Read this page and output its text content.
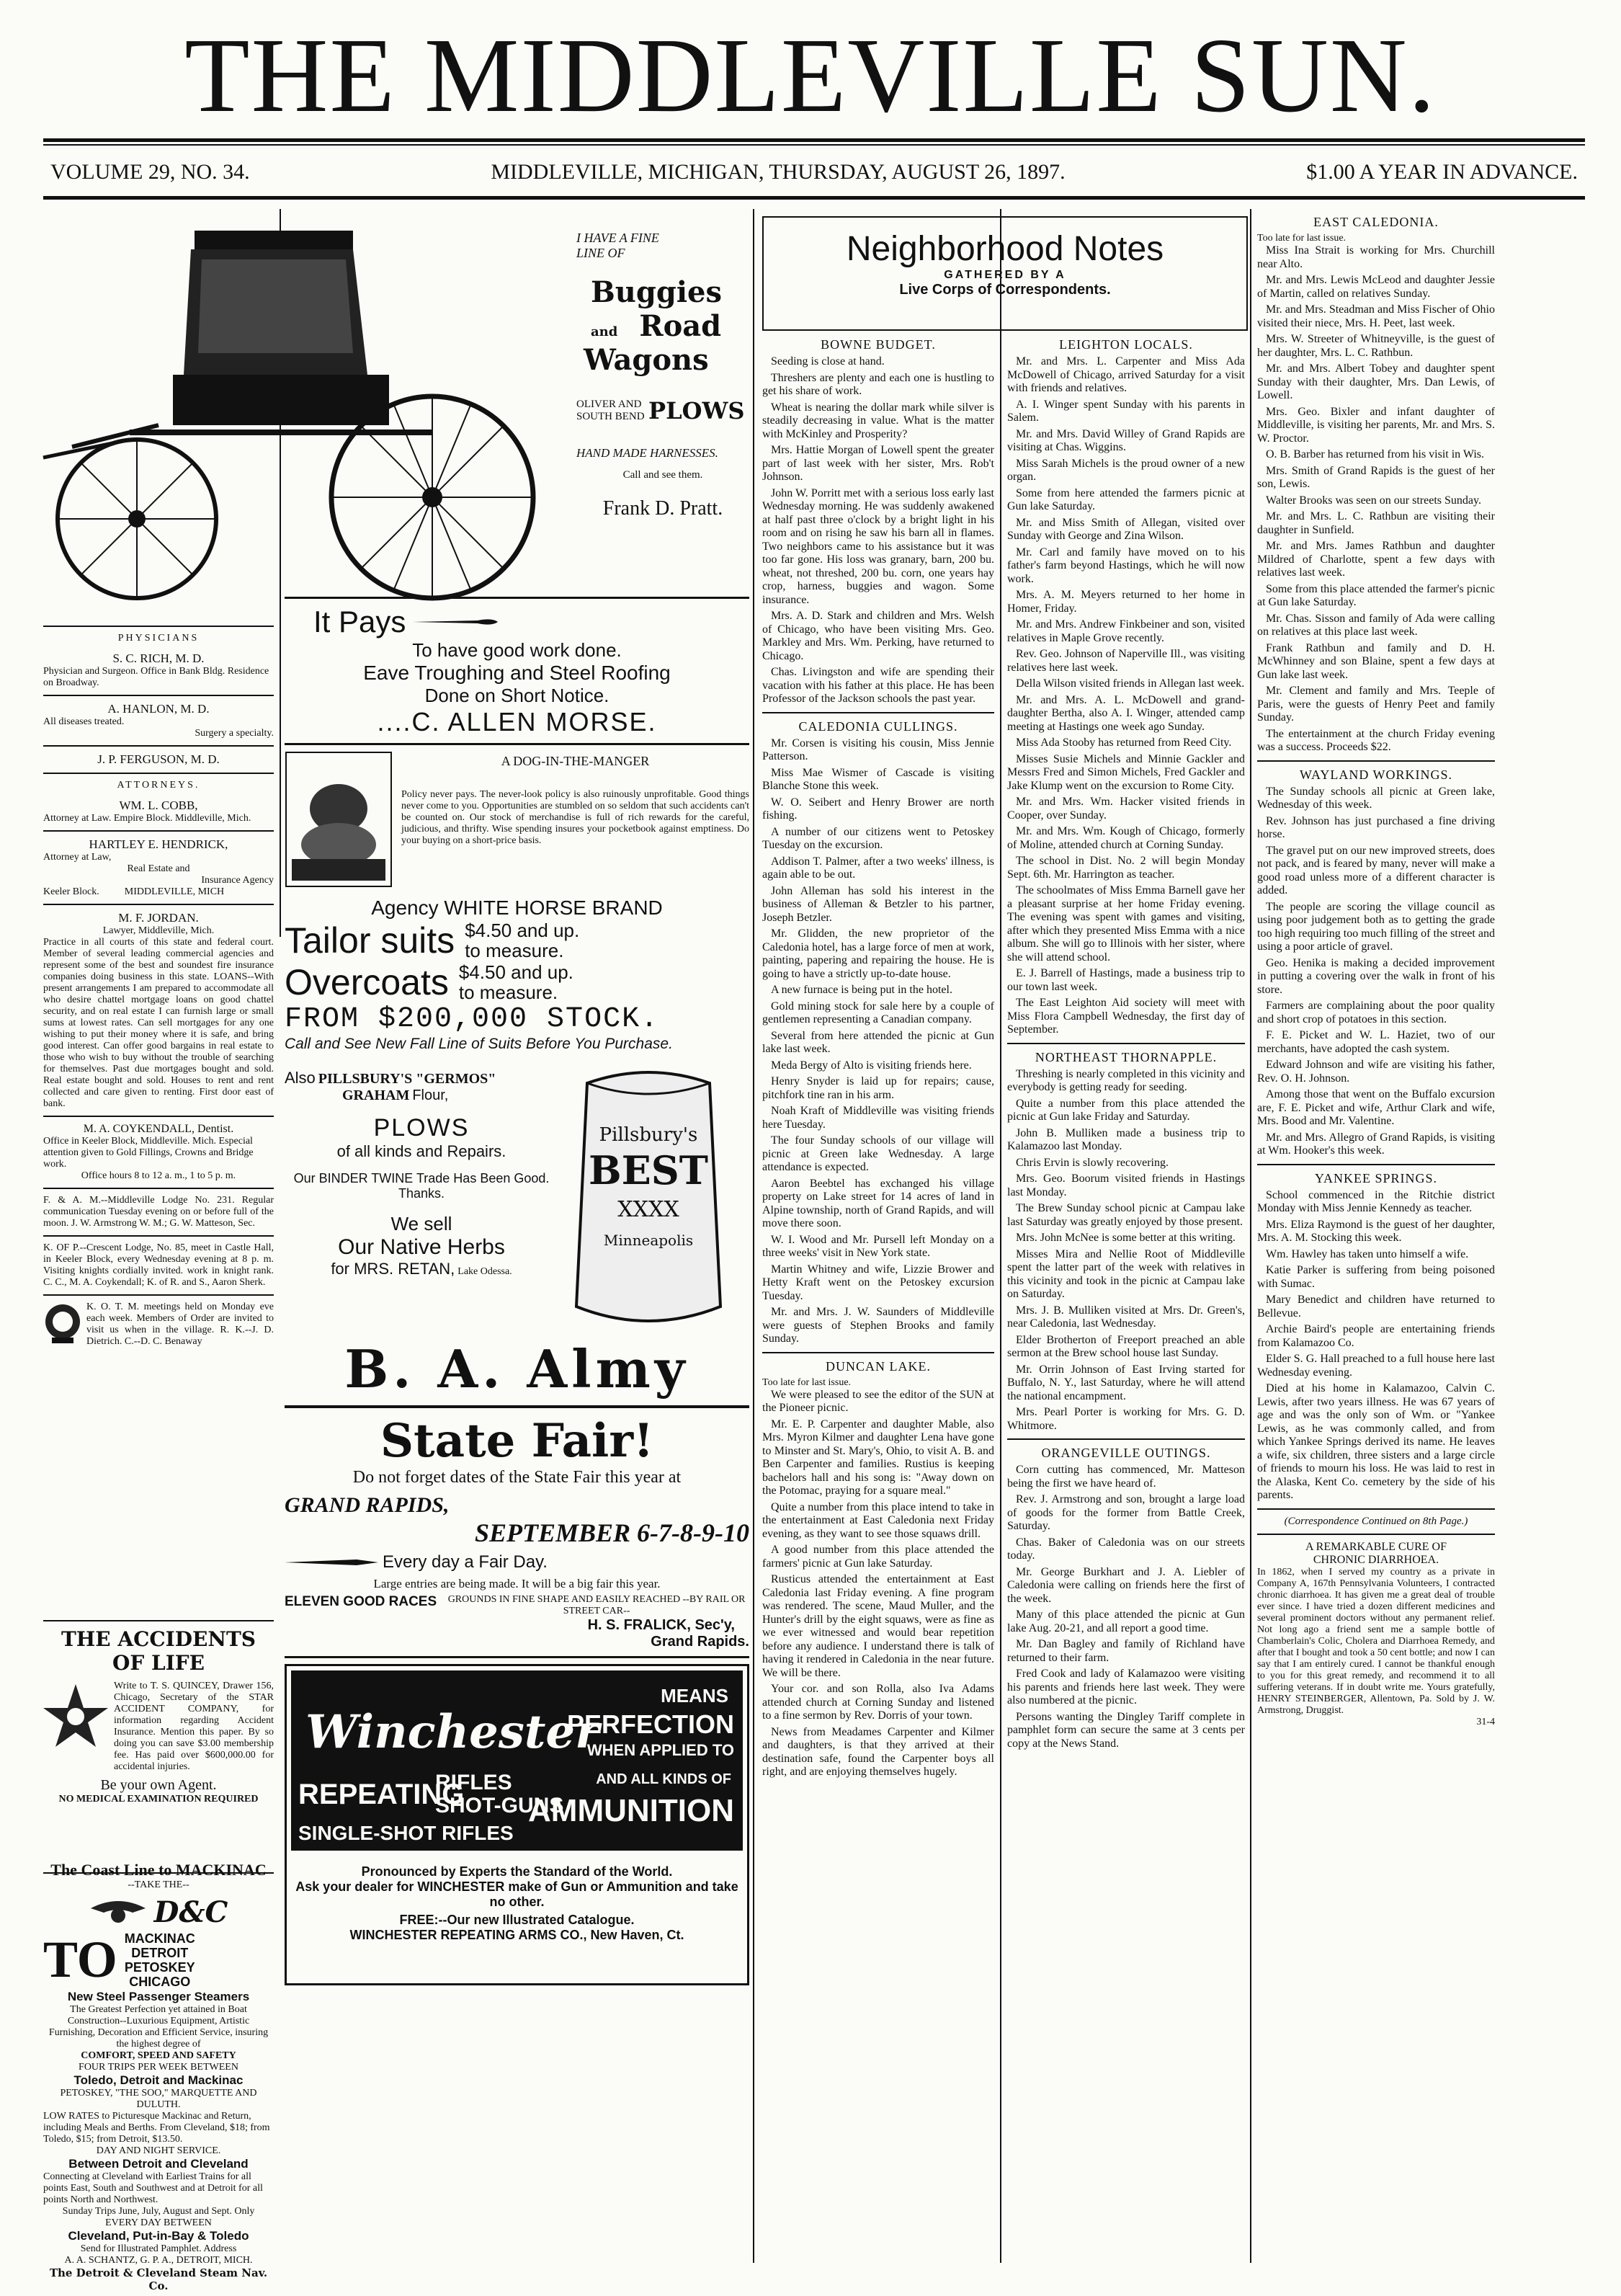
THE MIDDLEVILLE SUN.
VOLUME 29, NO. 34.	MIDDLEVILLE, MICHIGAN, THURSDAY, AUGUST 26, 1897.	$1.00 A YEAR IN ADVANCE.
I HAVE A FINE
LINE OF
Buggies
and Road
Wagons
OLIVER AND
SOUTH BEND PLOWS
HAND MADE HARNESSES.
Call and see them.
Frank D. Pratt.
PHYSICIANS
S. C. RICH, M. D.
Physician and Surgeon. Office in Bank Bldg. Residence on Broadway.
A. HANLON, M. D.
All diseases treated.
Surgery a specialty.
J. P. FERGUSON, M. D.
ATTORNEYS.
WM. L. COBB,
Attorney at Law. Empire Block. Middleville, Mich.
HARTLEY E. HENDRICK,
Attorney at Law,
Real Estate and
Insurance Agency
Keeler Block.          MIDDLEVILLE, MICH
M. F. JORDAN.
Lawyer, Middleville, Mich.
Practice in all courts of this state and federal court. Member of several leading commercial agencies and represent some of the best and soundest fire insurance companies doing business in this state. LOANS--With present arrangements I am prepared to accommodate all who desire chattel mortgage loans on good chattel security, and on real estate I can furnish large or small sums at lowest rates. Can sell mortgages for any one wishing to put their money where it is safe, and bring good interest. Can offer good bargains in real estate to those who wish to buy without the trouble of searching for themselves. Past due mortgages bought and sold. Real estate bought and sold. Houses to rent and rent collected and care given to renting. First door east of bank.
M. A. COYKENDALL, Dentist.
Office in Keeler Block, Middleville. Mich. Especial attention given to Gold Fillings, Crowns and Bridge work.
Office hours 8 to 12 a. m., 1 to 5 p. m.
F. & A. M.--Middleville Lodge No. 231. Regular communication Tuesday evening on or before full of the moon. J. W. Armstrong W. M.; G. W. Matteson, Sec.
K. OF P.--Crescent Lodge, No. 85, meet in Castle Hall, in Keeler Block, every Wednesday evening at 8 p. m. Visiting knights cordially invited. work in knight rank. C. C., M. A. Coykendall; K. of R. and S., Aaron Sherk.
K. O. T. M. meetings held on Monday eve each week. Members of Order are invited to visit us when in the village. R. K.--J. D. Dietrich. C.--D. C. Benaway
THE ACCIDENTS OF LIFE
Write to T. S. QUINCEY, Drawer 156, Chicago, Secretary of the STAR ACCIDENT COMPANY, for information regarding Accident Insurance. Mention this paper. By so doing you can save $3.00 membership fee. Has paid over $600,000.00 for accidental injuries.
Be your own Agent.
NO MEDICAL EXAMINATION REQUIRED
The Coast Line to MACKINAC
--TAKE THE--
D&C
TO MACKINAC
DETROIT
PETOSKEY
CHICAGO
New Steel Passenger Steamers
The Greatest Perfection yet attained in Boat Construction--Luxurious Equipment, Artistic Furnishing, Decoration and Efficient Service, insuring the highest degree of
COMFORT, SPEED AND SAFETY
FOUR TRIPS PER WEEK BETWEEN
Toledo, Detroit and Mackinac
PETOSKEY, "THE SOO," MARQUETTE AND DULUTH.
LOW RATES to Picturesque Mackinac and Return, including Meals and Berths. From Cleveland, $18; from Toledo, $15; from Detroit, $13.50.
DAY AND NIGHT SERVICE.
Between Detroit and Cleveland
Connecting at Cleveland with Earliest Trains for all points East, South and Southwest and at Detroit for all points North and Northwest.
Sunday Trips June, July, August and Sept. Only
EVERY DAY BETWEEN
Cleveland, Put-in-Bay & Toledo
Send for Illustrated Pamphlet. Address
A. A. SCHANTZ, G. P. A., DETROIT, MICH.
The Detroit & Cleveland Steam Nav. Co.
It Pays
To have good work done.
Eave Troughing and Steel Roofing
Done on Short Notice.
....C. ALLEN MORSE.
A DOG-IN-THE-MANGER
Policy never pays. The never-look policy is also ruinously unprofitable. Good things never come to you. Opportunities are stumbled on so seldom that such accidents can't be counted on. Our stock of merchandise is full of rich rewards for the careful, judicious, and thrifty. Wise spending insures your pocketbook against emptiness. Do your buying on a short-price basis.
Agency WHITE HORSE BRAND
Tailor suits $4.50 and up.
to measure.
Overcoats $4.50 and up.
to measure.
FROM $200,000 STOCK.
Call and See New Fall Line of Suits Before You Purchase.
Also PILLSBURY'S "GERMOS"
GRAHAM Flour,
PLOWS
of all kinds and Repairs.
Our BINDER TWINE Trade Has Been Good. Thanks.
We sell
Our Native Herbs
for MRS. RETAN, Lake Odessa.
Pillsbury's
BEST
XXXX
Minneapolis
B. A. Almy
State Fair!
Do not forget dates of the State Fair this year at
GRAND RAPIDS,
SEPTEMBER 6-7-8-9-10
Every day a Fair Day.
Large entries are being made. It will be a big fair this year.
ELEVEN GOOD RACES	GROUNDS IN FINE SHAPE AND EASILY REACHED --BY RAIL OR STREET CAR--
H. S. FRALICK, Sec'y,
Grand Rapids.
Winchester
MEANS
PERFECTION
WHEN APPLIED TO
REPEATING
RIFLES
SHOT-GUNS
SINGLE-SHOT RIFLES
AND ALL KINDS OF
AMMUNITION
Pronounced by Experts the Standard of the World.
Ask your dealer for WINCHESTER make of Gun or Ammunition and take no other.
FREE:--Our new Illustrated Catalogue.
WINCHESTER REPEATING ARMS CO., New Haven, Ct.
Neighborhood Notes
GATHERED BY A
Live Corps of Correspondents.
BOWNE BUDGET.

Seeding is close at hand.

Threshers are plenty and each one is hustling to get his share of work.

Wheat is nearing the dollar mark while silver is steadily decreasing in value. What is the matter with McKinley and Prosperity?

Mrs. Hattie Morgan of Lowell spent the greater part of last week with her sister, Mrs. Rob't Johnson.

John W. Porritt met with a serious loss early last Wednesday morning. He was suddenly awakened at half past three o'clock by a bright light in his room and on rising he saw his barn all in flames. Two neighbors came to his assistance but it was too far gone. His loss was granary, barn, 200 bu. wheat, not threshed, 200 bu. corn, one years hay crop, harness, buggies and wagon. Some insurance.

Mrs. A. D. Stark and children and Mrs. Welsh of Chicago, who have been visiting Mrs. Geo. Markley and Mrs. Wm. Perking, have returned to Chicago.

Chas. Livingston and wife are spending their vacation with his father at this place. He has been Professor of the Jackson schools the past year.

CALEDONIA CULLINGS.

Mr. Corsen is visiting his cousin, Miss Jennie Patterson.

Miss Mae Wismer of Cascade is visiting Blanche Stone this week.

W. O. Seibert and Henry Brower are north fishing.

A number of our citizens went to Petoskey Tuesday on the excursion.

Addison T. Palmer, after a two weeks' illness, is again able to be out.

John Alleman has sold his interest in the business of Alleman & Betzler to his partner, Joseph Betzler.

Mr. Glidden, the new proprietor of the Caledonia hotel, has a large force of men at work, painting, papering and repairing the house. He is going to have a strictly up-to-date house.

A new furnace is being put in the hotel.

Gold mining stock for sale here by a couple of gentlemen representing a Canadian company.

Several from here attended the picnic at Gun lake last week.

Meda Bergy of Alto is visiting friends here.

Henry Snyder is laid up for repairs; cause, pitchfork tine ran in his arm.

Noah Kraft of Middleville was visiting friends here Tuesday.

The four Sunday schools of our village will picnic at Green lake Wednesday. A large attendance is expected.

Aaron Beebtel has exchanged his village property on Lake street for 14 acres of land in Alpine township, north of Grand Rapids, and will move there soon.

W. I. Wood and Mr. Pursell left Monday on a three weeks' visit in New York state.

Martin Whitney and wife, Lizzie Brower and Hetty Kraft went on the Petoskey excursion Tuesday.

Mr. and Mrs. J. W. Saunders of Middleville were guests of Stephen Brooks and family Sunday.

DUNCAN LAKE.
Too late for last issue.

We were pleased to see the editor of the SUN at the Pioneer picnic.

Mr. E. P. Carpenter and daughter Mable, also Mrs. Myron Kilmer and daughter Lena have gone to Minster and St. Mary's, Ohio, to visit A. B. and Ben Carpenter and families. Rustius is keeping bachelors hall and his song is: "Away down on the Potomac, praying for a square meal."

Quite a number from this place intend to take in the entertainment at East Caledonia next Friday evening, as they want to see those squaws drill.

A good number from this place attended the farmers' picnic at Gun lake Saturday.

Rusticus attended the entertainment at East Caledonia last Friday evening. A fine program was rendered. The scene, Maud Muller, and the Hunter's drill by the eight squaws, were as fine as we ever witnessed and would bear repetition before any audience. I understand there is talk of having it rendered in Caledonia in the near future. We will be there.

Your cor. and son Rolla, also Iva Adams attended church at Corning Sunday and listened to a fine sermon by Rev. Dorris of your town.

News from Meadames Carpenter and Kilmer and daughters, is that they arrived at their destination safe, found the Carpenter boys all right, and are enjoying themselves hugely.

LEIGHTON LOCALS.

Mr. and Mrs. L. Carpenter and Miss Ada McDowell of Chicago, arrived Saturday for a visit with friends and relatives.

A. I. Winger spent Sunday with his parents in Salem.

Mr. and Mrs. David Willey of Grand Rapids are visiting at Chas. Wiggins.

Miss Sarah Michels is the proud owner of a new organ.

Some from here attended the farmers picnic at Gun lake Saturday.

Mr. and Miss Smith of Allegan, visited over Sunday with George and Zina Wilson.

Mr. Carl and family have moved on to his father's farm beyond Hastings, which he will now work.

Mrs. A. M. Meyers returned to her home in Homer, Friday.

Mr. and Mrs. Andrew Finkbeiner and son, visited relatives in Maple Grove recently.

Rev. Geo. Johnson of Naperville Ill., was visiting relatives here last week.

Della Wilson visited friends in Allegan last week.

Mr. and Mrs. A. L. McDowell and grand-daughter Bertha, also A. I. Winger, attended camp meeting at Hastings one week ago Sunday.

Miss Ada Stooby has returned from Reed City.

Misses Susie Michels and Minnie Gackler and Messrs Fred and Simon Michels, Fred Gackler and Jake Klump went on the excursion to Rome City.

Mr. and Mrs. Wm. Hacker visited friends in Cooper, over Sunday.

Mr. and Mrs. Wm. Kough of Chicago, formerly of Moline, attended church at Corning Sunday.

The school in Dist. No. 2 will begin Monday Sept. 6th. Mr. Harrington as teacher.

The schoolmates of Miss Emma Barnell gave her a pleasant surprise at her home Friday evening. The evening was spent with games and visiting, after which they presented Miss Emma with a nice album. She will go to Illinois with her sister, where she will attend school.

E. J. Barrell of Hastings, made a business trip to our town last week.

The East Leighton Aid society will meet with Miss Flora Campbell Wednesday, the first day of September.

NORTHEAST THORNAPPLE.

Threshing is nearly completed in this vicinity and everybody is getting ready for seeding.

Quite a number from this place attended the picnic at Gun lake Friday and Saturday.

John B. Mulliken made a business trip to Kalamazoo last Monday.

Chris Ervin is slowly recovering.

Mrs. Geo. Boorum visited friends in Hastings last Monday.

The Brew Sunday school picnic at Campau lake last Saturday was greatly enjoyed by those present.

Mrs. John McNee is some better at this writing.

Misses Mira and Nellie Root of Middleville spent the latter part of the week with relatives in this vicinity and took in the picnic at Campau lake on Saturday.

Mrs. J. B. Mulliken visited at Mrs. Dr. Green's, near Caledonia, last Wednesday.

Elder Brotherton of Freeport preached an able sermon at the Brew school house last Sunday.

Mr. Orrin Johnson of East Irving started for Buffalo, N. Y., last Saturday, where he will attend the national encampment.

Mrs. Pearl Porter is working for Mrs. G. D. Whitmore.

ORANGEVILLE OUTINGS.

Corn cutting has commenced, Mr. Matteson being the first we have heard of.

Rev. J. Armstrong and son, brought a large load of goods for the former from Battle Creek, Saturday.

Chas. Baker of Caledonia was on our streets today.

Mr. George Burkhart and J. A. Liebler of Caledonia were calling on friends here the first of the week.

Many of this place attended the picnic at Gun lake Aug. 20-21, and all report a good time.

Mr. Dan Bagley and family of Richland have returned to their farm.

Fred Cook and lady of Kalamazoo were visiting his parents and friends here last week. They were also numbered at the picnic.

Persons wanting the Dingley Tariff complete in pamphlet form can secure the same at 3 cents per copy at the News Stand.

EAST CALEDONIA.
Too late for last issue.

Miss Ina Strait is working for Mrs. Churchill near Alto.

Mr. and Mrs. Lewis McLeod and daughter Jessie of Martin, called on relatives Sunday.

Mr. and Mrs. Steadman and Miss Fischer of Ohio visited their niece, Mrs. H. Peet, last week.

Mrs. W. Streeter of Whitneyville, is the guest of her daughter, Mrs. L. C. Rathbun.

Mr. and Mrs. Albert Tobey and daughter spent Sunday with their daughter, Mrs. Dan Lewis, of Lowell.

Mrs. Geo. Bixler and infant daughter of Middleville, is visiting her parents, Mr. and Mrs. S. W. Proctor.

O. B. Barber has returned from his visit in Wis.

Mrs. Smith of Grand Rapids is the guest of her son, Lewis.

Walter Brooks was seen on our streets Sunday.

Mr. and Mrs. L. C. Rathbun are visiting their daughter in Sunfield.

Mr. and Mrs. James Rathbun and daughter Mildred of Charlotte, spent a few days with relatives last week.

Some from this place attended the farmer's picnic at Gun lake Saturday.

Mr. Chas. Sisson and family of Ada were calling on relatives at this place last week.

Frank Rathbun and family and D. H. McWhinney and son Blaine, spent a few days at Gun lake last week.

Mr. Clement and family and Mrs. Teeple of Paris, were the guests of Henry Peet and family Sunday.

The entertainment at the church Friday evening was a success. Proceeds $22.

WAYLAND WORKINGS.

The Sunday schools all picnic at Green lake, Wednesday of this week.

Rev. Johnson has just purchased a fine driving horse.

The gravel put on our new improved streets, does not pack, and is feared by many, never will make a good road unless more of a different character is added.

The people are scoring the village council as using poor judgement both as to getting the grade too high requiring too much filling of the street and using a poor article of gravel.

Geo. Henika is making a decided improvement in putting a covering over the walk in front of his store.

Farmers are complaining about the poor quality and short crop of potatoes in this section.

F. E. Picket and W. L. Haziet, two of our merchants, have adopted the cash system.

Edward Johnson and wife are visiting his father, Rev. O. H. Johnson.

Among those that went on the Buffalo excursion are, F. E. Picket and wife, Arthur Clark and wife, Mrs. Bood and Mr. Valentine.

Mr. and Mrs. Allegro of Grand Rapids, is visiting at Wm. Hooker's this week.

YANKEE SPRINGS.

School commenced in the Ritchie district Monday with Miss Jennie Kennedy as teacher.

Mrs. Eliza Raymond is the guest of her daughter, Mrs. A. M. Stocking this week.

Wm. Hawley has taken unto himself a wife.

Katie Parker is suffering from being poisoned with Sumac.

Mary Benedict and children have returned to Bellevue.

Archie Baird's people are entertaining friends from Kalamazoo Co.

Elder S. G. Hall preached to a full house here last Wednesday evening.

Died at his home in Kalamazoo, Calvin C. Lewis, after two years illness. He was 67 years of age and was the only son of Wm. or "Yankee Lewis, as he was commonly called, and from which Yankee Springs derived its name. He leaves a wife, six children, three sisters and a large circle of friends to mourn his loss. He was laid to rest in the Alaska, Kent Co. cemetery by the side of his parents.

(Correspondence Continued on 8th Page.)
A REMARKABLE CURE OF
CHRONIC DIARRHOEA.
In 1862, when I served my country as a private in Company A, 167th Pennsylvania Volunteers, I contracted chronic diarrhoea. It has given me a great deal of trouble ever since. I have tried a dozen different medicines and several prominent doctors without any permanent relief. Not long ago a friend sent me a sample bottle of Chamberlain's Colic, Cholera and Diarrhoea Remedy, and after that I bought and took a 50 cent bottle; and now I can say that I am entirely cured. I cannot be thankful enough to you for this great remedy, and recommend it to all suffering veterans. If in doubt write me. Yours gratefully, HENRY STEINBERGER, Allentown, Pa. Sold by J. W. Armstrong, Druggist.
31-4
